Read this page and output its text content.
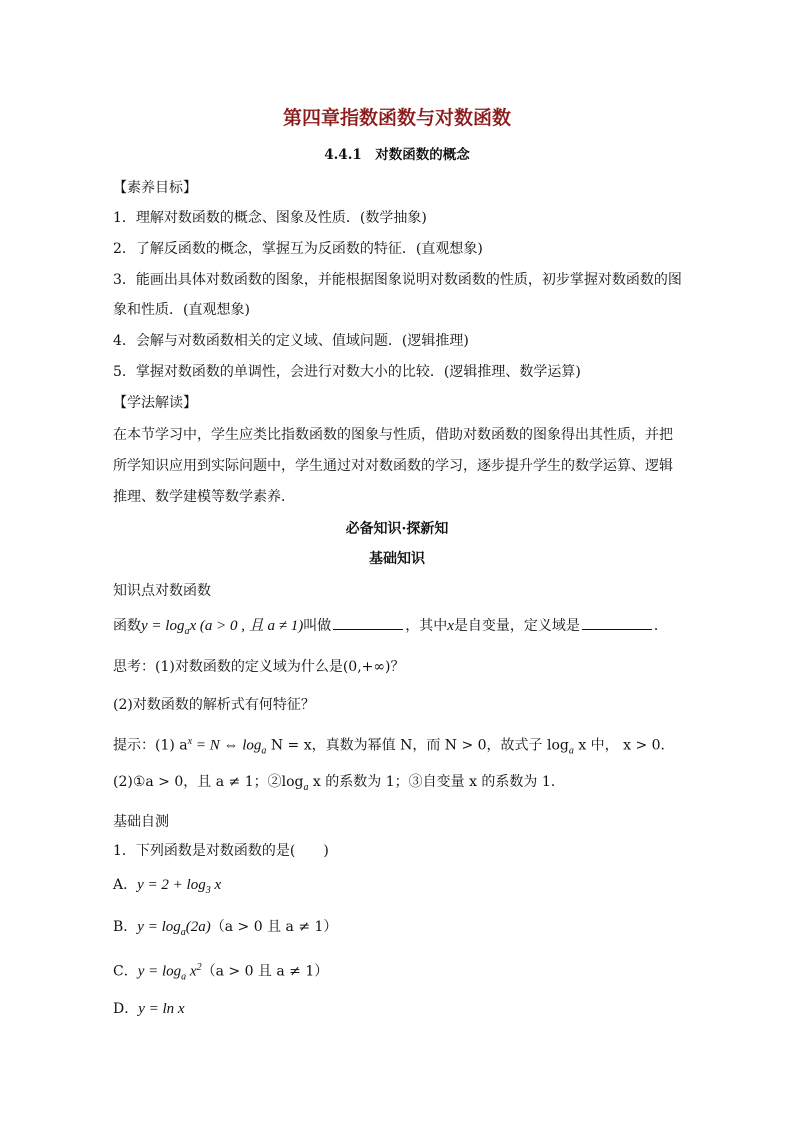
第四章指数函数与对数函数
4.4.1　对数函数的概念
【素养目标】
1．理解对数函数的概念、图象及性质．(数学抽象)
2．了解反函数的概念，掌握互为反函数的特征．(直观想象)
3．能画出具体对数函数的图象，并能根据图象说明对数函数的性质，初步掌握对数函数的图
象和性质．(直观想象)
4．会解与对数函数相关的定义域、值域问题．(逻辑推理)
5．掌握对数函数的单调性，会进行对数大小的比较．(逻辑推理、数学运算)
【学法解读】
在本节学习中，学生应类比指数函数的图象与性质，借助对数函数的图象得出其性质，并把
所学知识应用到实际问题中，学生通过对对数函数的学习，逐步提升学生的数学运算、逻辑
推理、数学建模等数学素养．
必备知识·探新知
基础知识
知识点对数函数
函数$y = \log_ax$ (a > 0 , 且 a ≠ 1)叫做	，其中x是自变量，定义域是	．
思考：(1)对数函数的定义域为什么是(0,+∞)？
(2)对数函数的解析式有何特征？
提示：(1) $a^x = N$ ⇔ $\log_a N = x$，真数为幂值 N，而 N > 0，故式子 $\log_a x$ 中， x > 0．
(2)①a > 0，且 a ≠ 1；$②\log_a$ x 的系数为 1；③自变量 x 的系数为 1.
基础自测
1．下列函数是对数函数的是(　　)
A．$y = 2 + \log_3 x$
B．$y = \log_a(2a)(a > 0$ 且 a ≠ 1）
C．$y = \log_a x^2(a > 0$ 且 a ≠ 1）
D．y = ln x
